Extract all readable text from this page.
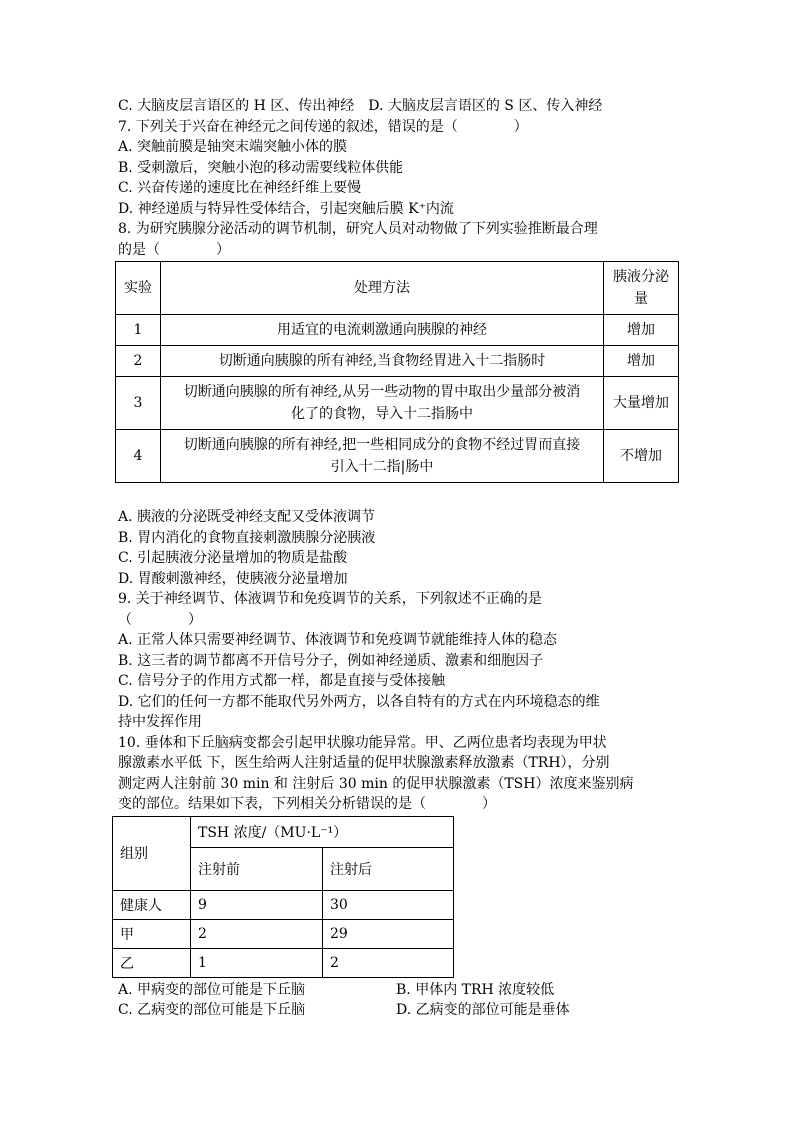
C. 大脑皮层言语区的 H 区、传出神经　D. 大脑皮层言语区的 S 区、传入神经
7. 下列关于兴奋在神经元之间传递的叙述，错误的是（　　　　）
A. 突触前膜是轴突末端突触小体的膜
B. 受刺激后，突触小泡的移动需要线粒体供能
C. 兴奋传递的速度比在神经纤维上要慢
D. 神经递质与特异性受体结合，引起突触后膜 K⁺内流
8. 为研究胰腺分泌活动的调节机制，研究人员对动物做了下列实验推断最合理
的是（　　　　）
实验	处理方法	胰液分泌量
1	用适宜的电流刺激通向胰腺的神经	增加
2	切断通向胰腺的所有神经,当食物经胃进入十二指肠时	增加
3	切断通向胰腺的所有神经,从另一些动物的胃中取出少量部分被消化了的食物，导入十二指肠中	大量增加
4	切断通向胰腺的所有神经,把一些相同成分的食物不经过胃而直接引入十二指|肠中	不增加
A. 胰液的分泌既受神经支配又受体液调节
B. 胃内消化的食物直接刺激胰腺分泌胰液
C. 引起胰液分泌量增加的物质是盐酸
D. 胃酸刺激神经，使胰液分泌量增加
9. 关于神经调节、体液调节和免疫调节的关系，下列叙述不正确的是
（　　　　）
A. 正常人体只需要神经调节、体液调节和免疫调节就能维持人体的稳态
B. 这三者的调节都离不开信号分子，例如神经递质、激素和细胞因子
C. 信号分子的作用方式都一样，都是直接与受体接触
D. 它们的任何一方都不能取代另外两方，以各自特有的方式在内环境稳态的维
持中发挥作用
10. 垂体和下丘脑病变都会引起甲状腺功能异常。甲、乙两位患者均表现为甲状
腺激素水平低 下，医生给两人注射适量的促甲状腺激素释放激素（TRH），分别
测定两人注射前 30 min 和 注射后 30 min 的促甲状腺激素（TSH）浓度来鉴别病
变的部位。结果如下表，下列相关分析错误的是（　　　　）
组别	TSH 浓度/（MU·L⁻¹）	
	注射前	注射后
健康人	9	30
甲	2	29
乙	1	2
A. 甲病变的部位可能是下丘脑	B. 甲体内 TRH 浓度较低
C. 乙病变的部位可能是下丘脑	D. 乙病变的部位可能是垂体
